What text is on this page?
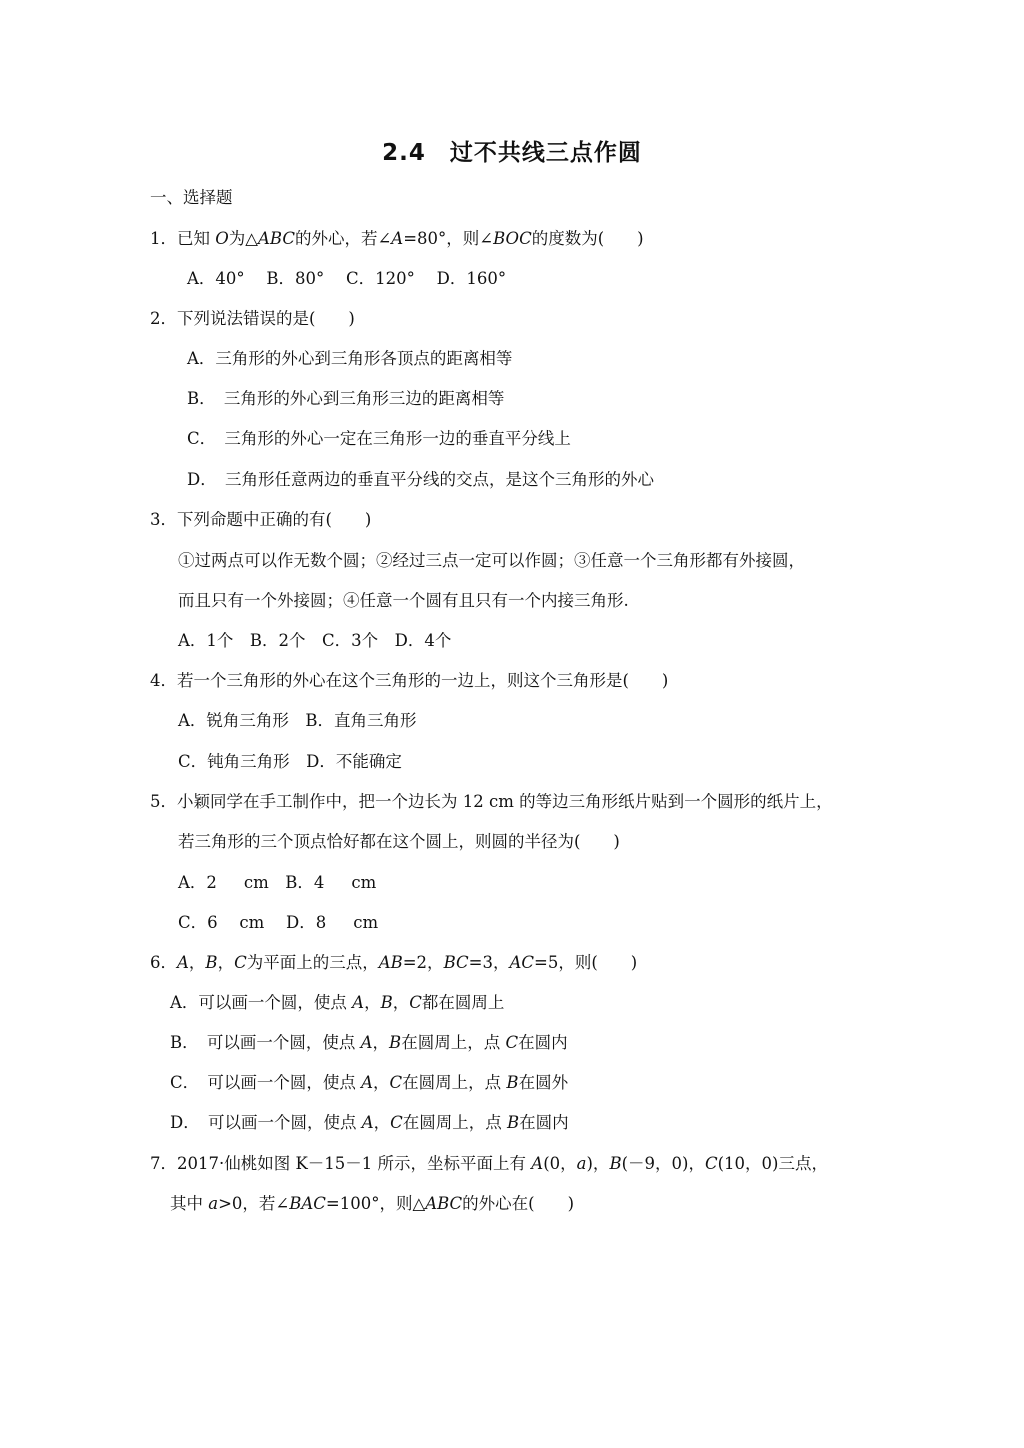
2.4　过不共线三点作圆
一、选择题
1．已知 O为△ABC的外心，若∠A=80°，则∠BOC的度数为(　　)
A．40°　 B．80°　 C．120°　 D．160°
2．下列说法错误的是(　　)
A．三角形的外心到三角形各顶点的距离相等
B．　三角形的外心到三角形三边的距离相等
C．　三角形的外心一定在三角形一边的垂直平分线上
D．　三角形任意两边的垂直平分线的交点，是这个三角形的外心
3．下列命题中正确的有(　　)
①过两点可以作无数个圆；②经过三点一定可以作圆；③任意一个三角形都有外接圆，
而且只有一个外接圆；④任意一个圆有且只有一个内接三角形.
A．1个　B．2个　C．3个　D．4个
4．若一个三角形的外心在这个三角形的一边上，则这个三角形是(　　)
A．锐角三角形　B．直角三角形
C．钝角三角形　D．不能确定
5．小颖同学在手工制作中，把一个边长为 12 cm 的等边三角形纸片贴到一个圆形的纸片上，
若三角形的三个顶点恰好都在这个圆上，则圆的半径为(　　)
A．2 　 cm　B．4 　 cm
C．6 　cm　 D．8 　 cm
6．A，B，C为平面上的三点，AB=2，BC=3，AC=5，则(　　)
A．可以画一个圆，使点 A，B，C都在圆周上
B．　可以画一个圆，使点 A，B在圆周上，点 C在圆内
C．　可以画一个圆，使点 A，C在圆周上，点 B在圆外
D．　可以画一个圆，使点 A，C在圆周上，点 B在圆内
7．2017·仙桃如图 K－15－1 所示，坐标平面上有 A(0，a)，B(－9，0)，C(10，0)三点，
其中 a>0，若∠BAC=100°，则△ABC的外心在(　　)
